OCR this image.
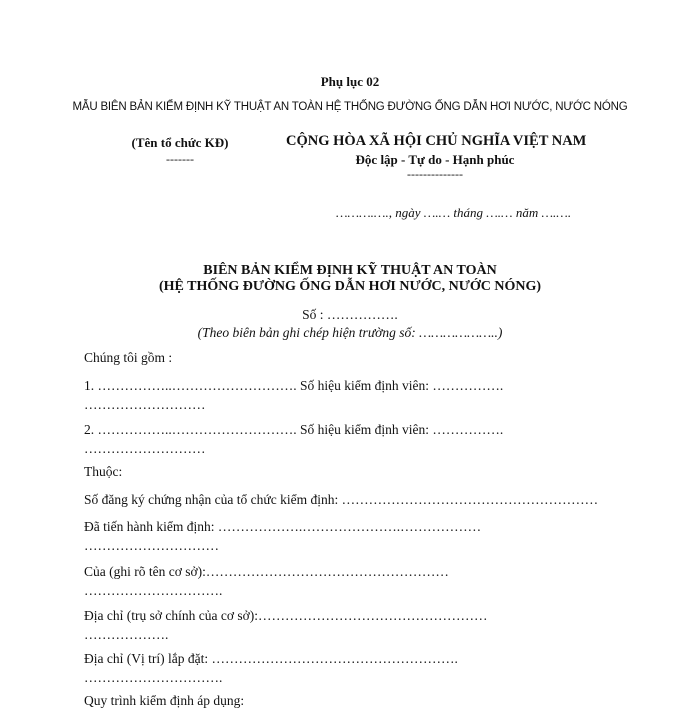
Phụ lục 02
MẪU BIÊN BẢN KIỂM ĐỊNH KỸ THUẬT AN TOÀN HỆ THỐNG ĐƯỜNG ỐNG DẪN HƠI NƯỚC, NƯỚC NÓNG
(Tên tổ chức KĐ)
-------
CỘNG HÒA XÃ HỘI CHỦ NGHĨA VIỆT NAM
Độc lập - Tự do - Hạnh phúc
--------------
……….…., ngày ….… tháng ….… năm ….….
BIÊN BẢN KIỂM ĐỊNH KỸ THUẬT AN TOÀN
(HỆ THỐNG ĐƯỜNG ỐNG DẪN HƠI NƯỚC, NƯỚC NÓNG)
Số : …………….
(Theo biên bản ghi chép hiện trường số: ………………..)
Chúng tôi gồm :
1. ……………..………………………. Số hiệu kiểm định viên: …………….
………………………
2. ……………..………………………. Số hiệu kiểm định viên: …………….
………………………
Thuộc:
Số đăng ký chứng nhận của tổ chức kiểm định: …………………………………………………
Đã tiến hành kiểm định: ……………….………………….………………
…………………………
Của (ghi rõ tên cơ sở):………………………………………………
………………………….
Địa chỉ (trụ sở chính của cơ sở):……………………………………………
……………….
Địa chỉ (Vị trí) lắp đặt: ……………………………………………….
………………………….
Quy trình kiểm định áp dụng:
